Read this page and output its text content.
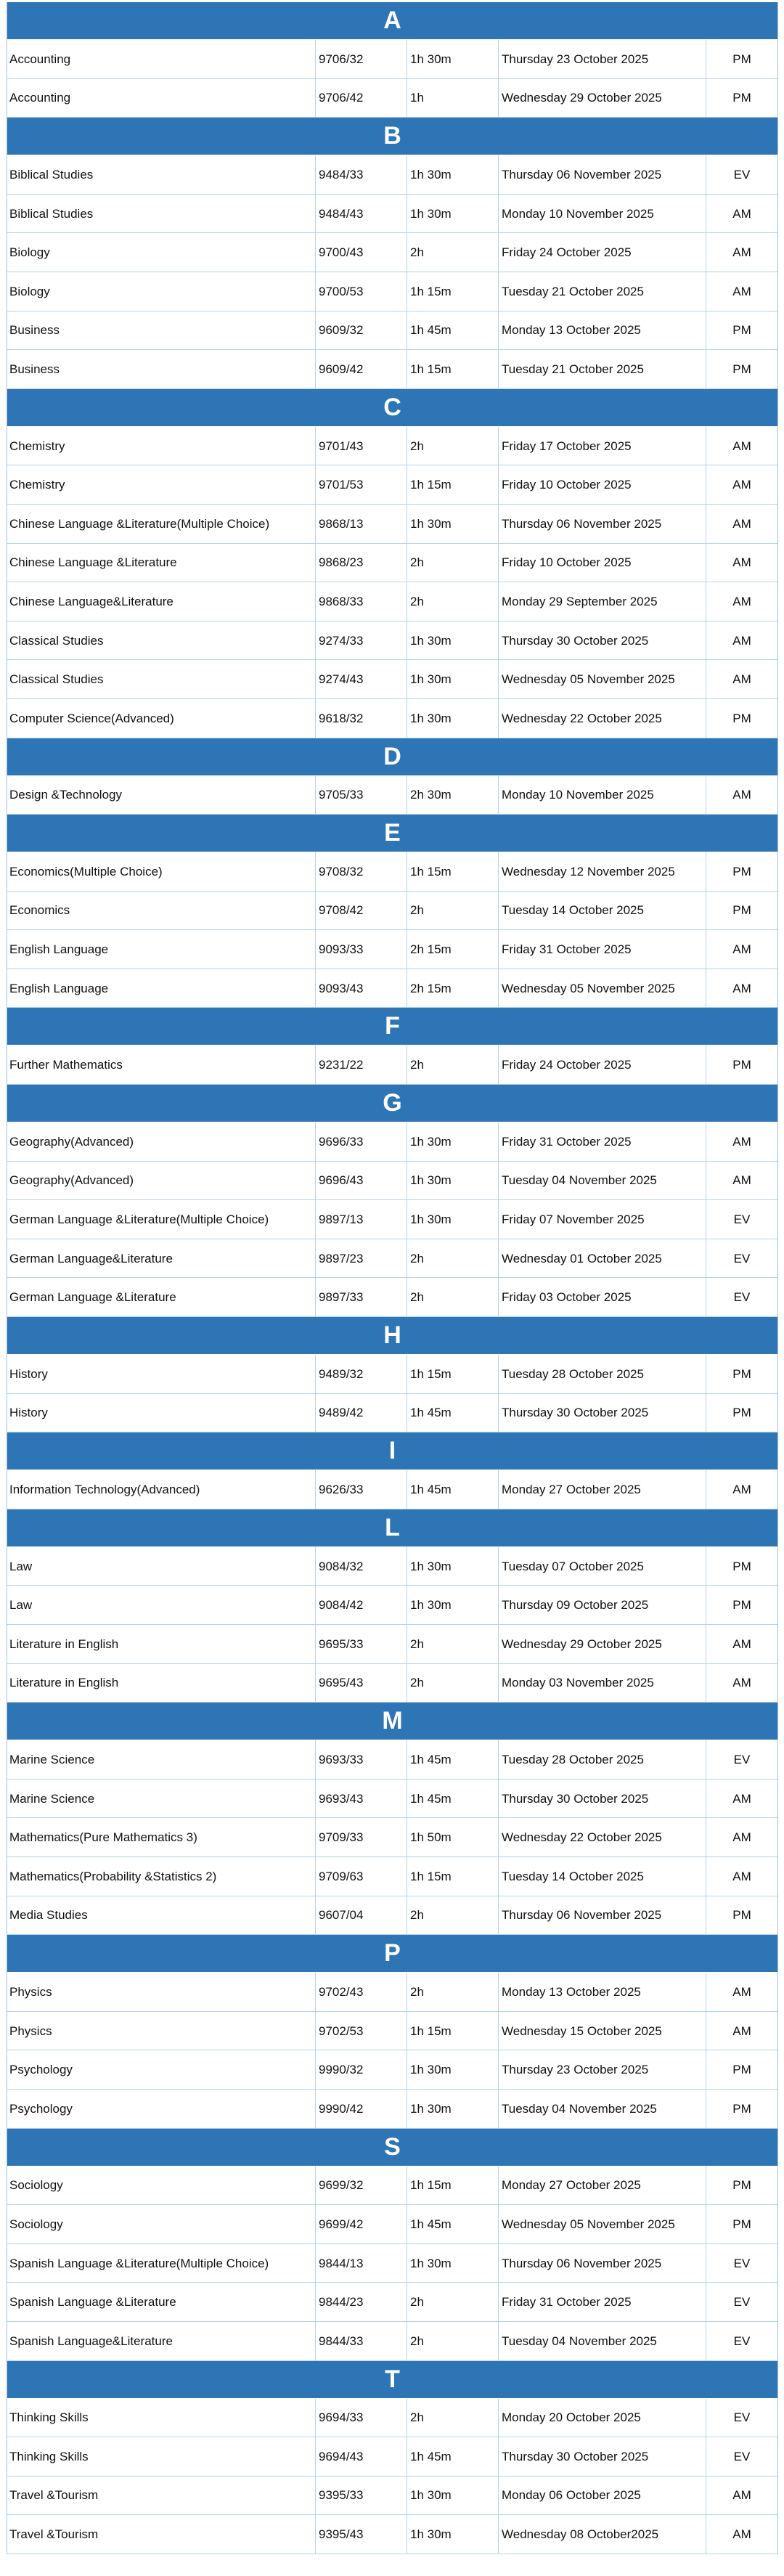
A
Accounting	9706/32	1h 30m	Thursday 23 October 2025	PM
Accounting	9706/42	1h	Wednesday 29 October 2025	PM
B
Biblical Studies	9484/33	1h 30m	Thursday 06 November 2025	EV
Biblical Studies	9484/43	1h 30m	Monday 10 November 2025	AM
Biology	9700/43	2h	Friday 24 October 2025	AM
Biology	9700/53	1h 15m	Tuesday 21 October 2025	AM
Business	9609/32	1h 45m	Monday 13 October 2025	PM
Business	9609/42	1h 15m	Tuesday 21 October 2025	PM
C
Chemistry	9701/43	2h	Friday 17 October 2025	AM
Chemistry	9701/53	1h 15m	Friday 10 October 2025	AM
Chinese Language &Literature(Multiple Choice)	9868/13	1h 30m	Thursday 06 November 2025	AM
Chinese Language &Literature	9868/23	2h	Friday 10 October 2025	AM
Chinese Language&Literature	9868/33	2h	Monday 29 September 2025	AM
Classical Studies	9274/33	1h 30m	Thursday 30 October 2025	AM
Classical Studies	9274/43	1h 30m	Wednesday 05 November 2025	AM
Computer Science(Advanced)	9618/32	1h 30m	Wednesday 22 October 2025	PM
D
Design &Technology	9705/33	2h 30m	Monday 10 November 2025	AM
E
Economics(Multiple Choice)	9708/32	1h 15m	Wednesday 12 November 2025	PM
Economics	9708/42	2h	Tuesday 14 October 2025	PM
English Language	9093/33	2h 15m	Friday 31 October 2025	AM
English Language	9093/43	2h 15m	Wednesday 05 November 2025	AM
F
Further Mathematics	9231/22	2h	Friday 24 October 2025	PM
G
Geography(Advanced)	9696/33	1h 30m	Friday 31 October 2025	AM
Geography(Advanced)	9696/43	1h 30m	Tuesday 04 November 2025	AM
German Language &Literature(Multiple Choice)	9897/13	1h 30m	Friday 07 November 2025	EV
German Language&Literature	9897/23	2h	Wednesday 01 October 2025	EV
German Language &Literature	9897/33	2h	Friday 03 October 2025	EV
H
History	9489/32	1h 15m	Tuesday 28 October 2025	PM
History	9489/42	1h 45m	Thursday 30 October 2025	PM
I
Information Technology(Advanced)	9626/33	1h 45m	Monday 27 October 2025	AM
L
Law	9084/32	1h 30m	Tuesday 07 October 2025	PM
Law	9084/42	1h 30m	Thursday 09 October 2025	PM
Literature in English	9695/33	2h	Wednesday 29 October 2025	AM
Literature in English	9695/43	2h	Monday 03 November 2025	AM
M
Marine Science	9693/33	1h 45m	Tuesday 28 October 2025	EV
Marine Science	9693/43	1h 45m	Thursday 30 October 2025	AM
Mathematics(Pure Mathematics 3)	9709/33	1h 50m	Wednesday 22 October 2025	AM
Mathematics(Probability &Statistics 2)	9709/63	1h 15m	Tuesday 14 October 2025	AM
Media Studies	9607/04	2h	Thursday 06 November 2025	PM
P
Physics	9702/43	2h	Monday 13 October 2025	AM
Physics	9702/53	1h 15m	Wednesday 15 October 2025	AM
Psychology	9990/32	1h 30m	Thursday 23 October 2025	PM
Psychology	9990/42	1h 30m	Tuesday 04 November 2025	PM
S
Sociology	9699/32	1h 15m	Monday 27 October 2025	PM
Sociology	9699/42	1h 45m	Wednesday 05 November 2025	PM
Spanish Language &Literature(Multiple Choice)	9844/13	1h 30m	Thursday 06 November 2025	EV
Spanish Language &Literature	9844/23	2h	Friday 31 October 2025	EV
Spanish Language&Literature	9844/33	2h	Tuesday 04 November 2025	EV
T
Thinking Skills	9694/33	2h	Monday 20 October 2025	EV
Thinking Skills	9694/43	1h 45m	Thursday 30 October 2025	EV
Travel &Tourism	9395/33	1h 30m	Monday 06 October 2025	AM
Travel &Tourism	9395/43	1h 30m	Wednesday 08 October2025	AM
